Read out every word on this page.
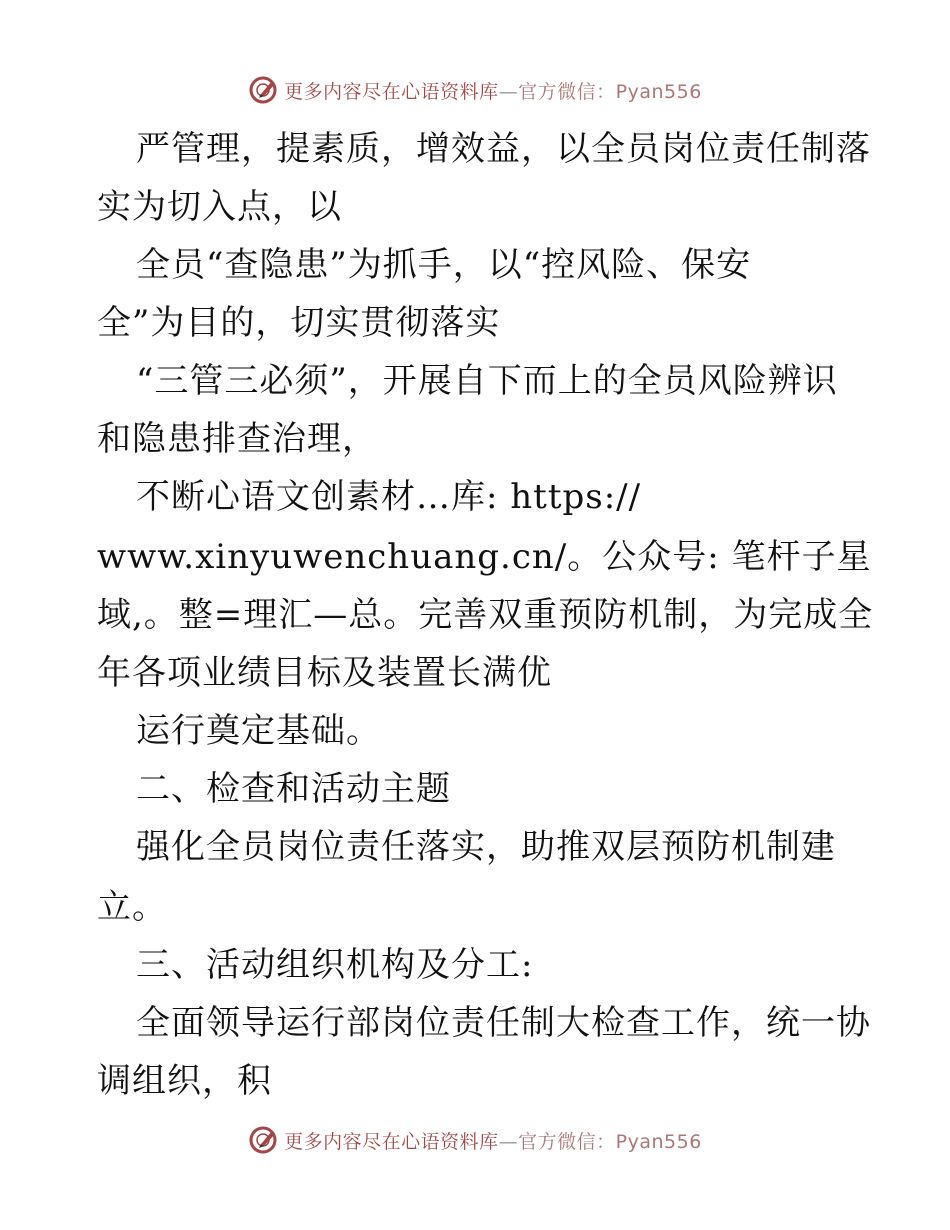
更多内容尽在心语资料库—官方微信：Pyan556
严管理，提素质，增效益，以全员岗位责任制落
实为切入点，以
全员“查隐患”为抓手，以“控风险、保安
全”为目的，切实贯彻落实
“三管三必须”，开展自下而上的全员风险辨识
和隐患排查治理，
不断心语文创素材…库: https://
www.xinyuwenchuang.cn/。公众号: 笔杆子星
域,。整=理汇—总。完善双重预防机制，为完成全
年各项业绩目标及装置长满优
运行奠定基础。
二、检查和活动主题
强化全员岗位责任落实，助推双层预防机制建
立。
三、活动组织机构及分工:
全面领导运行部岗位责任制大检查工作，统一协
调组织，积
更多内容尽在心语资料库—官方微信：Pyan556
